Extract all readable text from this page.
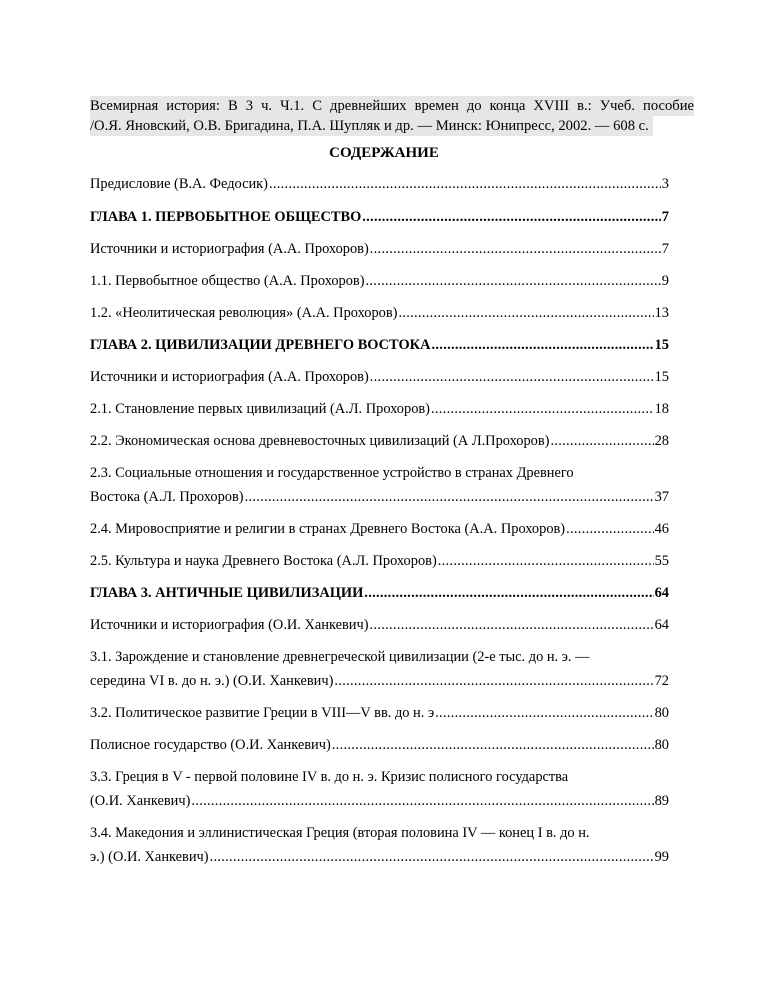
Всемирная история: В 3 ч. Ч.1. С древнейших времен до конца XVIII в.: Учеб. пособие
/О.Я. Яновский, О.В. Бригадина, П.А. Шупляк и др. — Минск: Юнипресс, 2002. — 608 с.
СОДЕРЖАНИЕ
Предисловие (В.А. Федосик) .....	3
ГЛАВА 1. ПЕРВОБЫТНОЕ ОБЩЕСТВО .....	7
Источники и историография (А.А. Прохоров) .....	7
1.1. Первобытное общество (А.А. Прохоров) .....	9
1.2. «Неолитическая революция» (А.А. Прохоров) .....	13
ГЛАВА 2. ЦИВИЛИЗАЦИИ ДРЕВНЕГО ВОСТОКА .....	15
Источники и историография (А.А. Прохоров) .....	15
2.1. Становление первых цивилизаций (А.Л. Прохоров) .....	18
2.2. Экономическая основа древневосточных цивилизаций (А Л.Прохоров) .....	28
2.3. Социальные отношения и государственное устройство в странах Древнего
Востока (А.Л. Прохоров) .....	37
2.4. Мировосприятие и религии в странах Древнего Востока (А.А. Прохоров) .....	46
2.5. Культура и наука Древнего Востока (А.Л. Прохоров) .....	55
ГЛАВА 3. АНТИЧНЫЕ ЦИВИЛИЗАЦИИ .....	64
Источники и историография (О.И. Ханкевич) .....	64
3.1. Зарождение и становление древнегреческой цивилизации (2-е тыс. до н. э. —
середина VI в. до н. э.) (О.И. Ханкевич) .....	72
3.2. Политическое развитие Греции в VIII—V вв. до н. э .....	80
Полисное государство (О.И. Ханкевич) .....	80
3.3. Греция в V - первой половине IV в. до н. э. Кризис полисного государства
(О.И. Ханкевич) .....	89
3.4. Македония и эллинистическая Греция (вторая половина IV — конец I в. до н.
э.) (О.И. Ханкевич) .....	99
